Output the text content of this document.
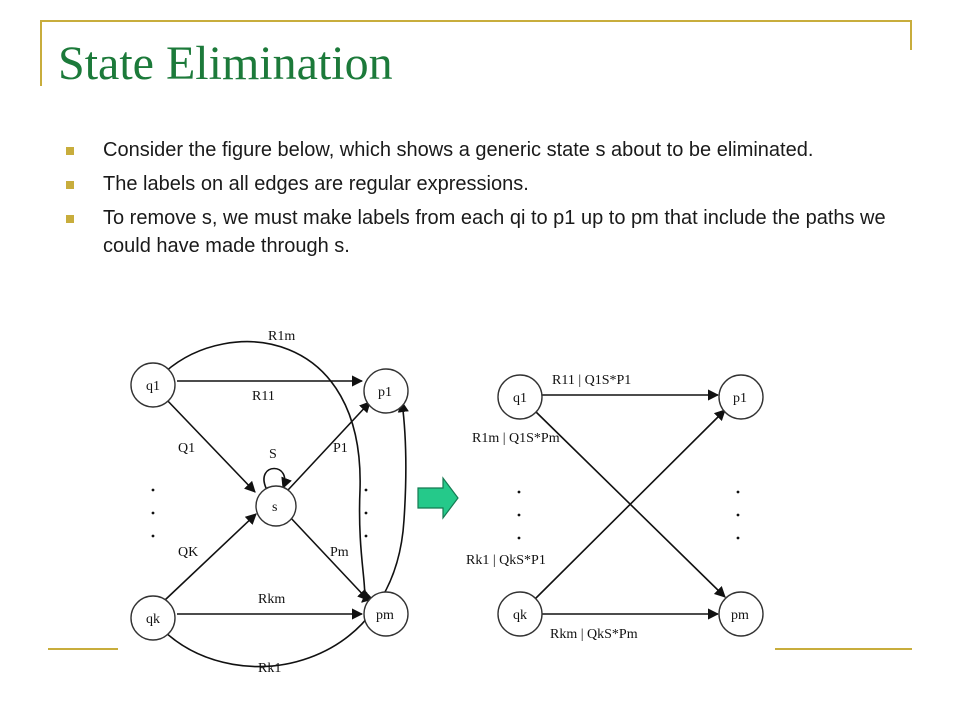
State Elimination
Consider the figure below, which shows a generic state s about to be eliminated.
The labels on all edges are regular expressions.
To remove s, we must make labels from each qi to p1 up to pm that include the paths we could have made through s.
q1
qk
s
p1
pm
R1m
R11
Q1	S	P1
QK	Pm
Rkm
Rk1
q1
qk
p1
pm
R11 | Q1S*P1
R1m | Q1S*Pm
Rk1 | QkS*P1
Rkm | QkS*Pm
